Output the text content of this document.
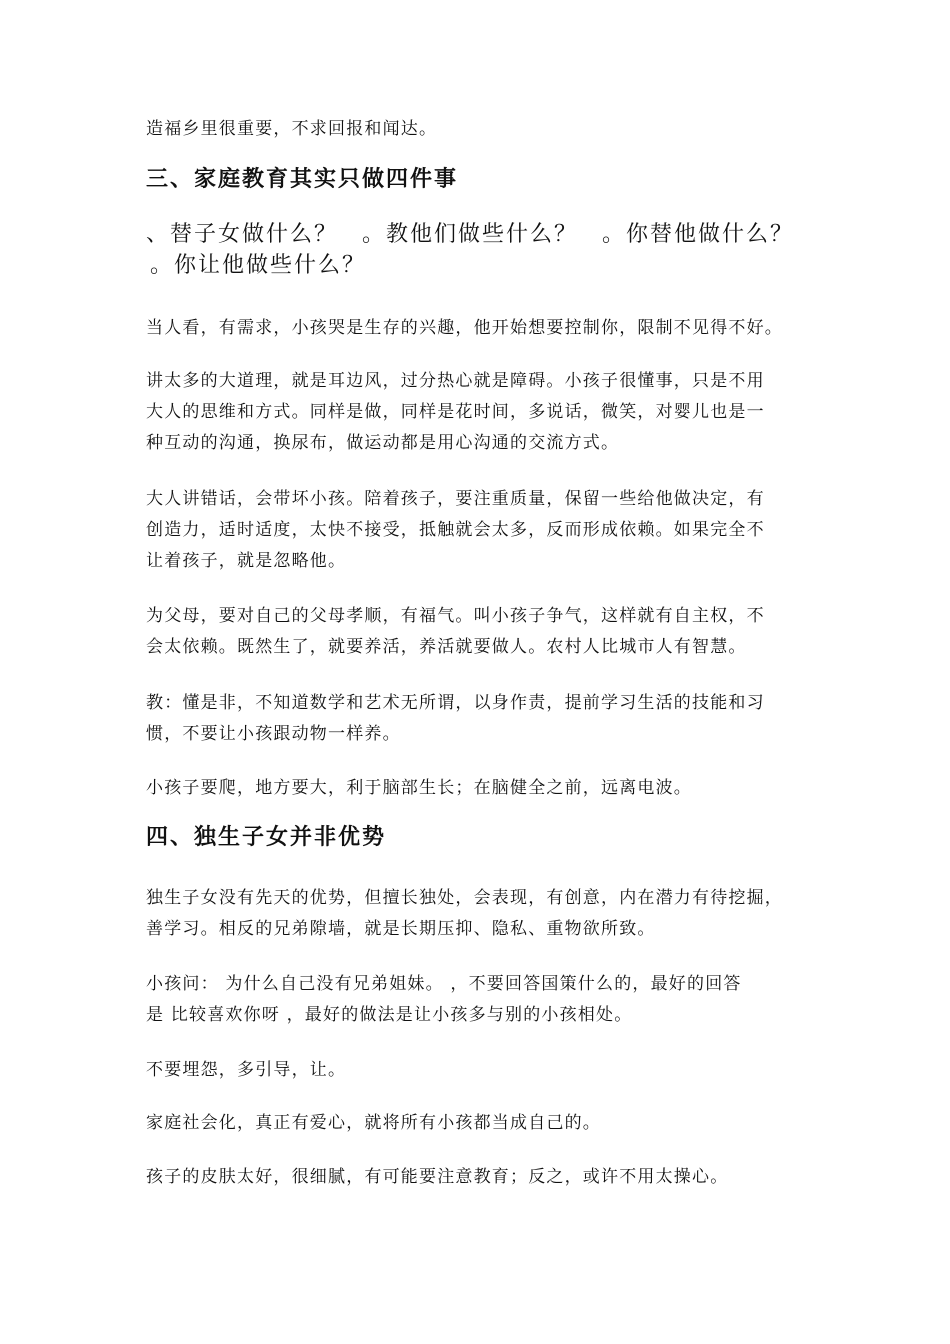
造福乡里很重要，不求回报和闻达。

三、家庭教育其实只做四件事

、替子女做什么？　。教他们做些什么？　。你替他做什么？

。你让他做些什么？

当人看，有需求，小孩哭是生存的兴趣，他开始想要控制你，限制不见得不好。

讲太多的大道理，就是耳边风，过分热心就是障碍。小孩子很懂事，只是不用
大人的思维和方式。同样是做，同样是花时间，多说话，微笑，对婴儿也是一
种互动的沟通，换尿布，做运动都是用心沟通的交流方式。

大人讲错话，会带坏小孩。陪着孩子，要注重质量，保留一些给他做决定，有
创造力，适时适度，太快不接受，抵触就会太多，反而形成依赖。如果完全不
让着孩子，就是忽略他。

为父母，要对自己的父母孝顺，有福气。叫小孩子争气，这样就有自主权，不
会太依赖。既然生了，就要养活，养活就要做人。农村人比城市人有智慧。

教：懂是非，不知道数学和艺术无所谓，以身作责，提前学习生活的技能和习
惯，不要让小孩跟动物一样养。

小孩子要爬，地方要大，利于脑部生长；在脑健全之前，远离电波。

四、独生子女并非优势

独生子女没有先天的优势，但擅长独处，会表现，有创意，内在潜力有待挖掘，
善学习。相反的兄弟隙墙，就是长期压抑、隐私、重物欲所致。

小孩问： 为什么自己没有兄弟姐妹。 ，不要回答国策什么的，最好的回答
是 比较喜欢你呀 ，最好的做法是让小孩多与别的小孩相处。

不要埋怨，多引导，让。

家庭社会化，真正有爱心，就将所有小孩都当成自己的。

孩子的皮肤太好，很细腻，有可能要注意教育；反之，或许不用太操心。
